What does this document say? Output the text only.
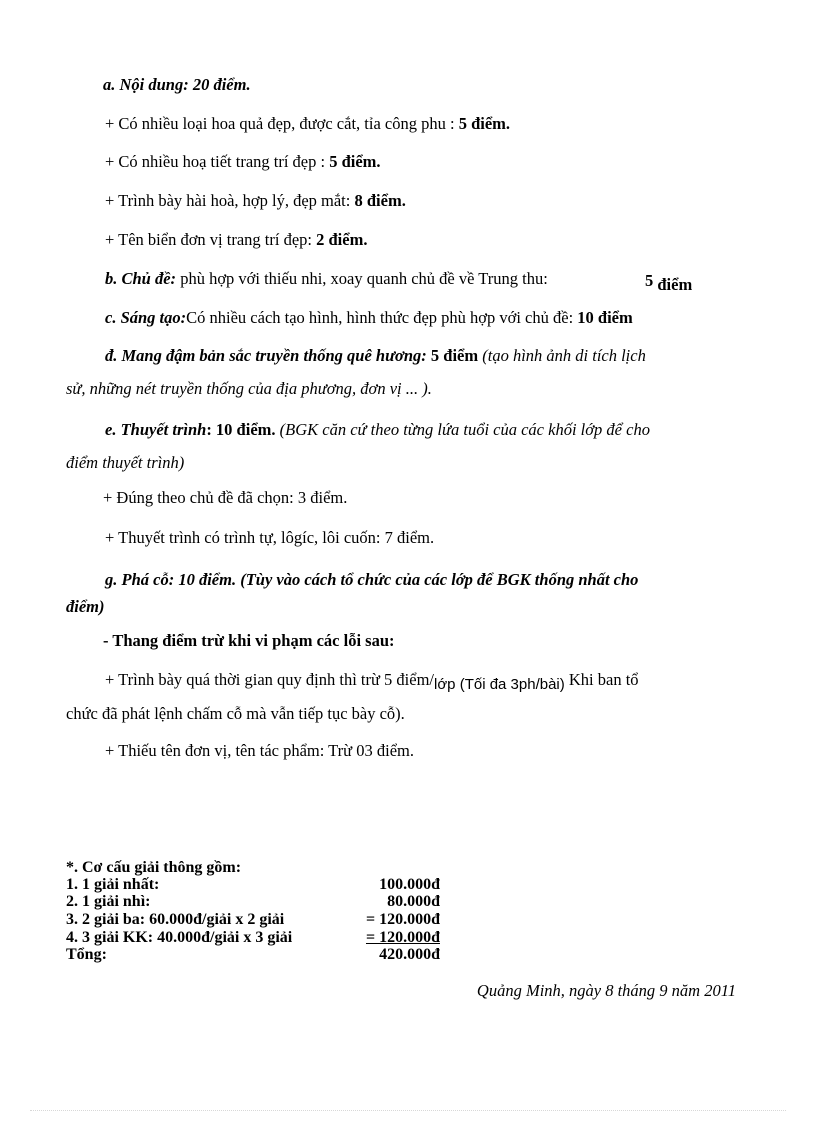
a. Nội dung: 20 điểm.
+ Có nhiều loại hoa quả đẹp, được cắt, tỉa công phu : 5 điểm.
+ Có nhiều hoạ tiết trang trí đẹp : 5 điểm.
+ Trình bày hài hoà, hợp lý, đẹp mắt: 8 điểm.
+ Tên biển đơn vị trang trí đẹp: 2 điểm.
b. Chủ đề: phù hợp với thiếu nhi, xoay quanh chủ đề về Trung thu:	5 điểm
c. Sáng tạo:Có nhiều cách tạo hình, hình thức đẹp phù hợp với chủ đề: 10 điểm
đ. Mang đậm bản sắc truyền thống quê hương: 5 điểm (tạo hình ảnh di tích lịch
sử, những nét truyền thống của địa phương, đơn vị ... ).
e. Thuyết trình: 10 điểm. (BGK căn cứ theo từng lứa tuổi của các khối lớp để cho
điểm thuyết trình)
+ Đúng theo chủ đề đã chọn: 3 điểm.
+ Thuyết trình có trình tự, lôgíc, lôi cuốn: 7 điểm.
g. Phá cỗ: 10 điểm. (Tùy vào cách tổ chức của các lớp để BGK thống nhất cho
điểm)
- Thang điểm trừ khi vi phạm các lỗi sau:
+ Trình bày quá thời gian quy định thì trừ 5 điểm/lớp (Tối đa 3ph/bài) Khi ban tổ
chức đã phát lệnh chấm cỗ mà vẫn tiếp tục bày cỗ).
+ Thiếu tên đơn vị, tên tác phẩm: Trừ 03 điểm.
*. Cơ cấu giải thông gồm:
1. 1 giải nhất:	100.000đ
2. 1 giải nhì:	80.000đ
3. 2 giải ba: 60.000đ/giải x 2 giải	= 120.000đ
4. 3 giải KK: 40.000đ/giải x 3 giải	= 120.000đ
Tổng:	420.000đ
Quảng Minh, ngày 8 tháng 9 năm 2011
